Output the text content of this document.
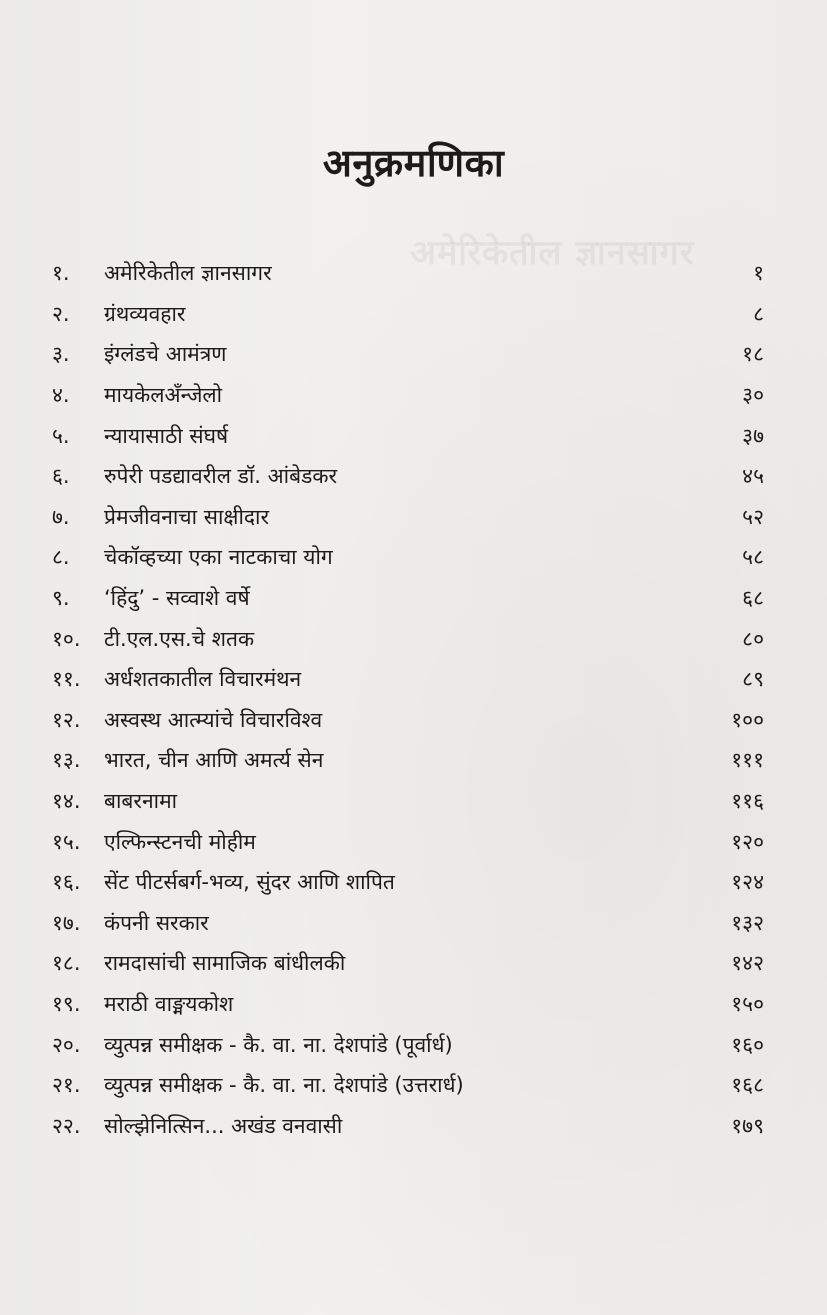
अमेरिकेतील ज्ञानसागर
अनुक्रमणिका
१.	अमेरिकेतील ज्ञानसागर	१
२.	ग्रंथव्यवहार	८
३.	इंग्लंडचे आमंत्रण	१८
४.	मायकेलअँन्जेलो	३०
५.	न्यायासाठी संघर्ष	३७
६.	रुपेरी पडद्यावरील डॉ. आंबेडकर	४५
७.	प्रेमजीवनाचा साक्षीदार	५२
८.	चेकॉव्हच्या एका नाटकाचा योग	५८
९.	‘हिंदु’ - सव्वाशे वर्षे	६८
१०.	टी.एल.एस.चे शतक	८०
११.	अर्धशतकातील विचारमंथन	८९
१२.	अस्वस्थ आत्म्यांचे विचारविश्व	१००
१३.	भारत, चीन आणि अमर्त्य सेन	१११
१४.	बाबरनामा	११६
१५.	एल्फिन्स्टनची मोहीम	१२०
१६.	सेंट पीटर्सबर्ग-भव्य, सुंदर आणि शापित	१२४
१७.	कंपनी सरकार	१३२
१८.	रामदासांची सामाजिक बांधीलकी	१४२
१९.	मराठी वाङ्मयकोश	१५०
२०.	व्युत्पन्न समीक्षक - कै. वा. ना. देशपांडे (पूर्वार्ध)	१६०
२१.	व्युत्पन्न समीक्षक - कै. वा. ना. देशपांडे (उत्तरार्ध)	१६८
२२.	सोल्झेनित्सिन... अखंड वनवासी	१७९
